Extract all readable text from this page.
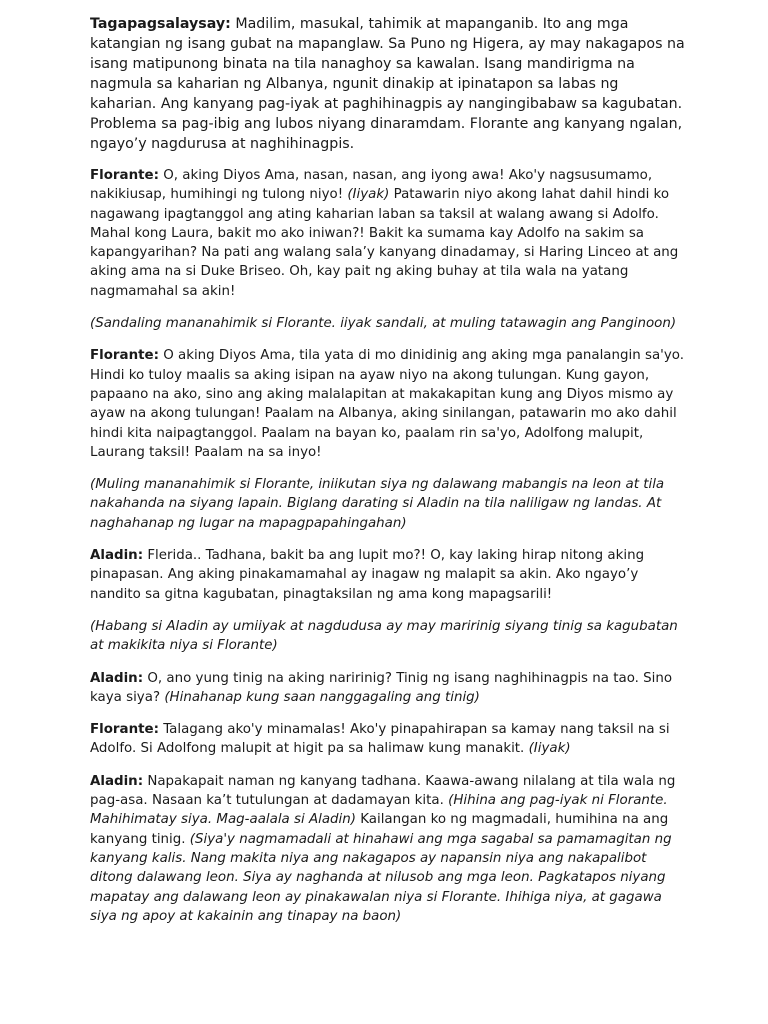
Tagapagsalaysay: Madilim, masukal, tahimik at mapanganib. Ito ang mga katangian ng isang gubat na mapanglaw. Sa Puno ng Higera, ay may nakagapos na isang matipunong binata na tila nanaghoy sa kawalan. Isang mandirigma na nagmula sa kaharian ng Albanya, ngunit dinakip at ipinatapon sa labas ng kaharian. Ang kanyang pag-iyak at paghihinagpis ay nangingibabaw sa kagubatan. Problema sa pag-ibig ang lubos niyang dinaramdam. Florante ang kanyang ngalan, ngayo’y nagdurusa at naghihinagpis.

Florante: O, aking Diyos Ama, nasan, nasan, ang iyong awa! Ako'y nagsusumamo, nakikiusap, humihingi ng tulong niyo! (Iiyak) Patawarin niyo akong lahat dahil hindi ko nagawang ipagtanggol ang ating kaharian laban sa taksil at walang awang si Adolfo. Mahal kong Laura, bakit mo ako iniwan?! Bakit ka sumama kay Adolfo na sakim sa kapangyarihan? Na pati ang walang sala’y kanyang dinadamay, si Haring Linceo at ang aking ama na si Duke Briseo. Oh, kay pait ng aking buhay at tila wala na yatang nagmamahal sa akin!

(Sandaling mananahimik si Florante. iiyak sandali, at muling tatawagin ang Panginoon)

Florante: O aking Diyos Ama, tila yata di mo dinidinig ang aking mga panalangin sa'yo. Hindi ko tuloy maalis sa aking isipan na ayaw niyo na akong tulungan. Kung gayon, papaano na ako, sino ang aking malalapitan at makakapitan kung ang Diyos mismo ay ayaw na akong tulungan! Paalam na Albanya, aking sinilangan, patawarin mo ako dahil hindi kita naipagtanggol. Paalam na bayan ko, paalam rin sa'yo, Adolfong malupit, Laurang taksil! Paalam na sa inyo!

(Muling mananahimik si Florante, iniikutan siya ng dalawang mabangis na leon at tila nakahanda na siyang lapain. Biglang darating si Aladin na tila naliligaw ng landas. At naghahanap ng lugar na mapagpapahingahan)

Aladin: Flerida.. Tadhana, bakit ba ang lupit mo?! O, kay laking hirap nitong aking pinapasan. Ang aking pinakamamahal ay inagaw ng malapit sa akin. Ako ngayo’y nandito sa gitna kagubatan, pinagtaksilan ng ama kong mapagsarili!

(Habang si Aladin ay umiiyak at nagdudusa ay may maririnig siyang tinig sa kagubatan at makikita niya si Florante)

Aladin: O, ano yung tinig na aking naririnig? Tinig ng isang naghihinagpis na tao. Sino kaya siya? (Hinahanap kung saan nanggagaling ang tinig)

Florante: Talagang ako'y minamalas! Ako'y pinapahirapan sa kamay nang taksil na si Adolfo. Si Adolfong malupit at higit pa sa halimaw kung manakit. (Iiyak)

Aladin: Napakapait naman ng kanyang tadhana. Kaawa-awang nilalang at tila wala ng pag-asa. Nasaan ka’t tutulungan at dadamayan kita. (Hihina ang pag-iyak ni Florante. Mahihimatay siya. Mag-aalala si Aladin) Kailangan ko ng magmadali, humihina na ang kanyang tinig. (Siya'y nagmamadali at hinahawi ang mga sagabal sa pamamagitan ng kanyang kalis. Nang makita niya ang nakagapos ay napansin niya ang nakapalibot ditong dalawang leon. Siya ay naghanda at nilusob ang mga leon. Pagkatapos niyang mapatay ang dalawang leon ay pinakawalan niya si Florante. Ihihiga niya, at gagawa siya ng apoy at kakainin ang tinapay na baon)
